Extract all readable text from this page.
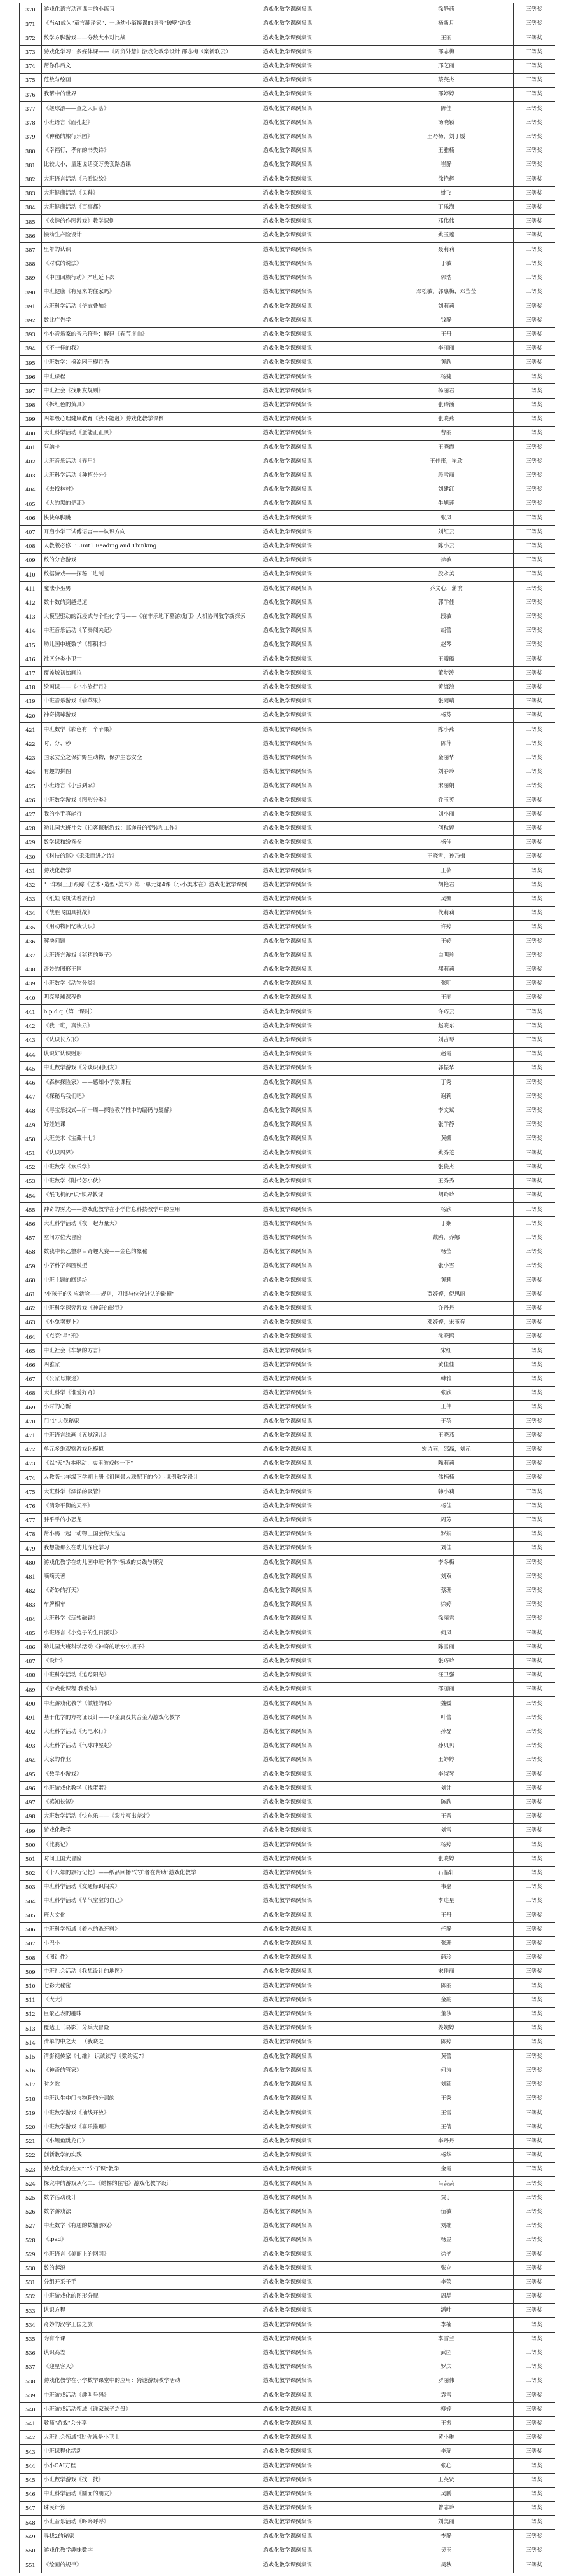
370	游戏化语言动画课中的小练习	游戏化教学课例集课	徐静荷	三等奖
371	《当AI成为"童言翻译家"：一场幼小衔接课的语音"破壁"游戏	游戏化教学课例集课	杨新月	三等奖
372	数学方脚游戏——分数大小对比战	游戏化教学课例集课	王丽	三等奖
373	游戏化学习：多媒体课——《周贸外慧》游戏化教学设计 邵志梅（案新联云）	游戏化教学课例集课	邵志梅	三等奖
374	帮你作后文	游戏化教学课例集课	邢芝丽	三等奖
375	范数与绘画	游戏化教学课例集课	蔡英杰	三等奖
376	我帮中的世界	游戏化教学课例集课	邵婷婷	三等奖
377	《继球游——童之大目落》	游戏化教学课例集课	陈佳	三等奖
378	小班语言《面孔起》	游戏化教学课例集课	汤晓颖	三等奖
379	《神秘的旅行乐园》	游戏化教学课例集课	王乃杨，刘丁媛	三等奖
380	《幸福行，孝你的书类诗》	游戏化教学课例集课	王雅楠	三等奖
381	比较大小，量速说话变万类套路游课	游戏化教学课例集课	崔静	三等奖
382	大班语言活动《乐看说绘》	游戏化教学课例集课	徐艳辉	三等奖
383	大班健康活动《贝鞋》	游戏化教学课例集课	姚飞	三等奖
384	大班健康活动《百事都》	游戏化教学课例集课	丁乐海	三等奖
385	《欢趣的作图游戏》教学课例	游戏化教学课例集课	邓伟伟	三等奖
386	慢动生产险设计	游戏化教学课例集课	姚玉莲	三等奖
387	里年的认识	游戏化教学课例集课	聂莉莉	三等奖
388	《对联的说法》	游戏化教学课例集课	于敏	三等奖
389	《中国回族行动》产班延下次	游戏化教学课例集课	郭浩	三等奖
390	中班健康《有鬼来的住家吗》	游戏化教学课例集课	邓松敏，郭惠梅，邓莹莹	三等奖
391	大班科学活动《倍衣叠加》	游戏化教学课例集课	刘莉莉	三等奖
392	数比广告学	游戏化教学课例集课	钱静	三等奖
393	小小音乐家的音乐符号：解码《春节序曲》	游戏化教学课例集课	王丹	三等奖
394	《不一样的我》	游戏化教学课例集课	李丽丽	三等奖
395	中班数学：椅凉园王模月秀	游戏化教学课例集课	黄欣	三等奖
396	中班课程	游戏化教学课例集课	杨婕	三等奖
397	中班社会《找朋友规则》	游戏化教学课例集课	杨丽君	三等奖
398	《拆红色的黄具》	游戏化教学课例集课	张诗涵	三等奖
399	四年级心理健康教育《我不能赶》游戏化教学课例	游戏化教学课例集课	张晓燕	三等奖
400	大班科学活动《蛋能正正贝》	游戏化教学课例集课	曹丽	三等奖
401	阿纳卡	游戏化教学课例集课	王晓霞	三等奖
402	大班音乐活动《弄里》	游戏化教学课例集课	王佳彤，崔欣	三等奖
403	大班科学活动《种植分分》	游戏化教学课例集课	殷雪丽	三等奖
404	《去找林村》	游戏化教学课例集课	刘建红	三等奖
405	《大的黑的是那》	游戏化教学课例集课	牛旭莲	三等奖
406	快快单脚跳	游戏化教学课例集课	张凤	三等奖
407	开启小学三试傅语言——认识方向	游戏化教学课例集课	刘红云	三等奖
408	人教版必修一 Unit1 Reading and Thinking	游戏化教学课例集课	陈小云	三等奖
409	数的分合游戏	游戏化教学课例集课	徐敏	三等奖
410	数据游戏——探秘二进制	游戏化教学课例集课	殷永美	三等奖
411	魔法小巫男	游戏化教学课例集课	乔义心，蒲滨	三等奖
412	数十数的到越是道	游戏化教学课例集课	郭学佳	三等奖
413	大模型驱动的沉浸式与个性化学习——《在丰乐地下墓游戏门》人机协同教学新探索	游戏化教学课例集课	段敏	三等奖
414	中班音乐活动《节奏闯关记》	游戏化教学课例集课	胡蕾	三等奖
415	幼儿园中班数学《都积木》	游戏化教学课例集课	赵琴	三等奖
416	社区分类小卫士	游戏化教学课例集课	王曦璐	三等奖
417	覆盖域初始间拉	游戏化教学课例集课	董梦涛	三等奖
418	绘画课——《小小旅行月》	游戏化教学课例集课	黄海浪	三等奖
419	中班音乐游戏《偷苹果》	游戏化教学课例集课	张雨晴	三等奖
420	神奇摸球游戏	游戏化教学课例集课	杨芬	三等奖
421	中班数学《彩色有一个苹果》	游戏化教学课例集课	陈小燕	三等奖
422	时、分、秒	游戏化教学课例集课	陈萍	三等奖
423	国家安全之保护野生动物，保护生态安全	游戏化教学课例集课	金丽华	三等奖
424	有趣的拼图	游戏化教学课例集课	刘春玲	三等奖
425	小班语言《小蛋到家》	游戏化教学课例集课	宋丽娟	三等奖
426	中班数学游戏《图形分类》	游戏化教学课例集课	乔玉英	三等奖
427	我的小手真能行	游戏化教学课例集课	刘小丽	三等奖
428	幼儿园大班社会《拍客探秘游戏：邮递员的变装和工作》	游戏化教学课例集课	何秋婷	三等奖
429	数学课和纷答卷	游戏化教学课例集课	杨佳	三等奖
430	《科技的巡》《乘乘而进之诗》	游戏化教学课例集课	王晓雪，孙乃梅	三等奖
431	游戏化教学	游戏化教学课例集课	王芸	三等奖
432	"一年级上册跟踪《艺术•造型•美术》第一单元第4课《小小美术在》游戏化教学课例	游戏化教学课例集课	胡艳君	三等奖
433	《纸娃飞机试看旅行》	游戏化教学课例集课	吴娜	三等奖
434	《战胜飞国具挑战》	游戏化教学课例集课	代莉莉	三等奖
435	《用动物回忆我认识》	游戏化教学课例集课	许婷	三等奖
436	解决问题	游戏化教学课例集课	王婷	三等奖
437	大班语言游戏《猪猪的鼻子》	游戏化教学课例集课	白明珍	三等奖
438	奇妙的图形王国	游戏化教学课例集课	郝莉莉	三等奖
439	小班数学《动物分类》	游戏化教学课例集课	张明	三等奖
440	明亮星球课程例	游戏化教学课例集课	王丽	三等奖
441	b p d q（第一课时）	游戏化教学课例集课	许巧云	三等奖
442	《我一班，真快乐》	游戏化教学课例集课	赵晓东	三等奖
443	《认识长方形》	游戏化教学课例集课	刘吉琴	三等奖
444	认识好认识财形	游戏化教学课例集课	赵霞	三等奖
445	中班数学游戏《分谈识别朋友》	游戏化教学课例集课	郭振华	三等奖
446	《森林探险家》——感知小学数课程	游戏化教学课例集课	丁秀	三等奖
447	《探秘鸟我们吧》	游戏化教学课例集课	谢莉	三等奖
448	《寻宝乐找式—所一周—探险教学推中的编码与疑解》	游戏化教学课例集课	李文斌	三等奖
449	好娃娃课	游戏化教学课例集课	张学静	三等奖
450	大班美术《宝藏十七》	游戏化教学课例集课	黄娜	三等奖
451	《认识周界》	游戏化教学课例集课	姚秀芝	三等奖
452	中班数学《欢乐学》	游戏化教学课例集课	张俊杰	三等奖
453	中班数学《附带怎小伙》	游戏化教学课例集课	王秀秀	三等奖
454	《纸飞机的"识"识界教课	游戏化教学课例集课	胡玲玲	三等奖
455	神奇的雾光——游戏化教学在小学信息科技教学中的应用	游戏化教学课例集课	杨欣	三等奖
456	大班科学活动《夜一起力量大》	游戏化教学课例集课	丁娴	三等奖
457	空间方位大冒险	游戏化教学课例集课	戴鸥，乔娜	三等奖
458	数我中长乙整剩目奇趣大赛——金色的象秘	游戏化教学课例集课	杨莹	三等奖
459	小学科学课图模型	游戏化教学课例集课	张小雪	三等奖
460	中班主题的回延坊	游戏化教学课例集课	黄莉	三等奖
461	"小孩子的对应新险——规则，习惯与位分进认的碰撞"	游戏化教学课例集课	贾婷婷，倪思丽	三等奖
462	中班科学探究游戏《神奇的磁铁》	游戏化教学课例集课	许丹丹	三等奖
463	《小兔卖萝卜》	游戏化教学课例集课	邓婷婷，宋玉春	三等奖
464	《点亮"星"光》	游戏化教学课例集课	沈晓鸥	三等奖
465	中班社会《车辆的方言》	游戏化教学课例集课	宋红	三等奖
466	四雅家	游戏化教学课例集课	黄佳佳	三等奖
467	《公家号旅途》	游戏化教学课例集课	韩雅	三等奖
468	大班科学《谁爱好奇》	游戏化教学课例集课	张欣	三等奖
469	小时的心新	游戏化教学课例集课	王伟	三等奖
470	门"1"大伐秘密	游戏化教学课例集课	于蓓	三等奖
471	中班语言绘画《五觉演儿》	游戏化教学课例集课	王晓燕	三等奖
472	单元多维观察游戏化模拟	游戏化教学课例集课	宏诗雨，邵磊，刘元	三等奖
473	《以"天"为本驱动：实里游戏转一下"	游戏化教学课例集课	陈莉莉	三等奖
474	人教版七年级下学期上册《祖国景大联配下的今》-课例教学设计	游戏化教学课例集课	伟楠楠	三等奖
475	大班科学《漂浮的吸管》	游戏化教学课例集课	韩小莉	三等奖
476	《消除平衡的天平》	游戏化教学课例集课	杨佳	三等奖
477	胖乎乎的小恐龙	游戏化教学课例集课	周芳	三等奖
478	帮小鸭一起一动物王国会传大巡迈	游戏化教学课例集课	罗娟	三等奖
479	我想能那么在幼儿深度学习	游戏化教学课例集课	刘佳	三等奖
480	游戏化教学在幼儿园中班"科学"领域的实践与研究	游戏化教学课例集课	李冬梅	三等奖
481	嘀嘀天著	游戏化教学课例集课	刘双	三等奖
482	《奇妙的打天》	游戏化教学课例集课	蔡珊	三等奖
483	车牌相车	游戏化教学课例集课	徐婷	三等奖
484	大班科学《玩转磁铁》	游戏化教学课例集课	徐丽君	三等奖
485	小班语言《小兔子的生日派对》	游戏化教学课例集课	何凤	三等奖
486	幼儿园大班科学活动《神奇的喷水小瓶子》	游戏化教学课例集课	陈雪丽	三等奖
487	《设计》	游戏化教学课例集课	张巧玲	三等奖
488	中班科学活动《追踪阳光》	游戏化教学课例集课	汪卫强	三等奖
489	《游戏化课程 我爱你》	游戏化教学课例集课	邵丽丽	三等奖
490	中班游戏化教学《做鞋的和》	游戏化教学课例集课	魏媛	三等奖
491	基于化学的方物证设计——以金属及其合金为游戏化教学	游戏化教学课例集课	叶蕾	三等奖
492	大班科学活动《无电水行》	游戏化教学课例集课	孙磊	三等奖
493	大班科学活动《气球冲屋起》	游戏化教学课例集课	孙贝贝	三等奖
494	大家的作业	游戏化教学课例集课	王婷婷	三等奖
495	《数学小游戏》	游戏化教学课例集课	李淑琴	三等奖
496	小班游戏化教学《找蛋蛋》	游戏化教学课例集课	刘计	三等奖
497	《感知长短》	游戏化教学课例集课	陈欣	三等奖
498	大班数学活动《快东乐——《彩片写出差定》	游戏化教学课例集课	王晋	三等奖
499	游戏化教学	游戏化教学课例集课	刘雪	三等奖
500	《比赛记》	游戏化教学课例集课	杨婷	三等奖
501	时间王国大冒险	游戏化教学课例集课	张晓婷	三等奖
502	《十八年的旅行记忆》——纸品回播"守护者在帮助"游戏化教学	游戏化教学课例集课	石晶轩	三等奖
503	中班科学活动《交通标识闯关》	游戏化教学课例集课	韦嘉	三等奖
504	中班科学活动《节气宝宝的自己》	游戏化教学课例集课	李连星	三等奖
505	班大文化	游戏化教学课例集课	王丹	三等奖
506	中班科学领域《着水的杀牙料》	游戏化教学课例集课	任静	三等奖
507	小巴小	游戏化教学课例集课	张珊	三等奖
508	《图计件》	游戏化教学课例集课	蒲玲	三等奖
509	中班社会活动《我想设计的地图》	游戏化教学课例集课	宋佳丽	三等奖
510	七彩大秘密	游戏化教学课例集课	陈丽	三等奖
511	《大大》	游戏化教学课例集课	金韵	三等奖
512	巨象乙表的趣味	游戏化教学课例集课	董莎	三等奖
513	覆达王（易影）分兵大冒险	游戏化教学课例集课	姜婉婷	三等奖
514	清单的中之大一（我晓之	游戏化教学课例集课	陈婷	三等奖
515	清影视传家《七维》 识读读写《数约克7》	游戏化教学课例集课	黄蕾	三等奖
516	《神奇的管家》	游戏化教学课例集课	何涛	三等奖
517	时之歌	游戏化教学课例集课	刘颖	三等奖
518	中班认生中门与物粉的分课的	游戏化教学课例集课	王秀	三等奖
519	中班数学游戏《抽线开放》	游戏化教学课例集课	王雷	三等奖
520	中班数学游戏《喜乐推理》	游戏化教学课例集课	王倩	三等奖
521	《小鲤鱼跳龙门》	游戏化教学课例集课	李丹丹	三等奖
522	创新教学的实践	游戏化教学课例集课	杨华	三等奖
523	游戏化发的在大"""外了识"教学	游戏化教学课例集课	金霞	三等奖
524	探究中的游戏从化工：《蜡梯的住宅》游戏化教学设计	游戏化教学课例集课	吕芸芸	三等奖
525	数学活动设计	游戏化教学课例集课	贾丁	三等奖
526	数学游戏法	游戏化教学课例集课	伍敏	三等奖
527	中班数学《有趣的数轴游戏》	游戏化教学课例集课	刘维	三等奖
528	《ipad》	游戏化教学课例集课	杨昱	三等奖
529	小班语言《美丽上的网网》	游戏化教学课例集课	徐艳	三等奖
530	数的起源	游戏化教学课例集课	张立	三等奖
531	分组开采子手	游戏化教学课例集课	李荣	三等奖
532	中班游戏化的图形分配	游戏化教学课例集课	周晶	三等奖
533	认识方程	游戏化教学课例集课	潘叶	三等奖
534	奇妙的汉字王国之旅	游戏化教学课例集课	李楠	三等奖
535	为有个课	游戏化教学课例集课	李雪兰	三等奖
536	认识高差	游戏化教学课例集课	武园	三等奖
537	《迎星客天》	游戏化教学课例集课	罗庆	三等奖
538	游戏化教学在小学数学课堂中的应用：猜谜游戏教学活动	游戏化教学课例集课	罗丽伟	三等奖
539	中班游戏活动《趣叫号码》	游戏化教学课例集课	袁雪	三等奖
540	小班游戏活动领域《谁家孩子之母》	游戏化教学课例集课	柳婷	三等奖
541	教师"游戏"会分享	游戏化教学课例集课	王振	三等奖
542	大班社会领域"我"你就是小卫士	游戏化教学课例集课	黄小琳	三等奖
543	中班课程化活动	游戏化教学课例集课	李瑶	三等奖
544	小小CAI方程	游戏化教学课例集课	张心	三等奖
545	小班数学游戏《找一找》	游戏化教学课例集课	王英贤	三等奖
546	中班科学活动《圆面的朋友》	游戏化教学课例集课	吴鹏	三等奖
547	珠民计算	游戏化教学课例集课	曾志玲	三等奖
548	小班音乐活动《咚咚呼呼》	游戏化教学课例集课	刘美丽	三等奖
549	寻找2的秘密	游戏化教学课例集课	李静	三等奖
550	游戏化教学趣味数字	游戏化教学课例集课	吴玉	三等奖
551	《绘画的规律》	游戏化教学课例集课	吴秋	三等奖
